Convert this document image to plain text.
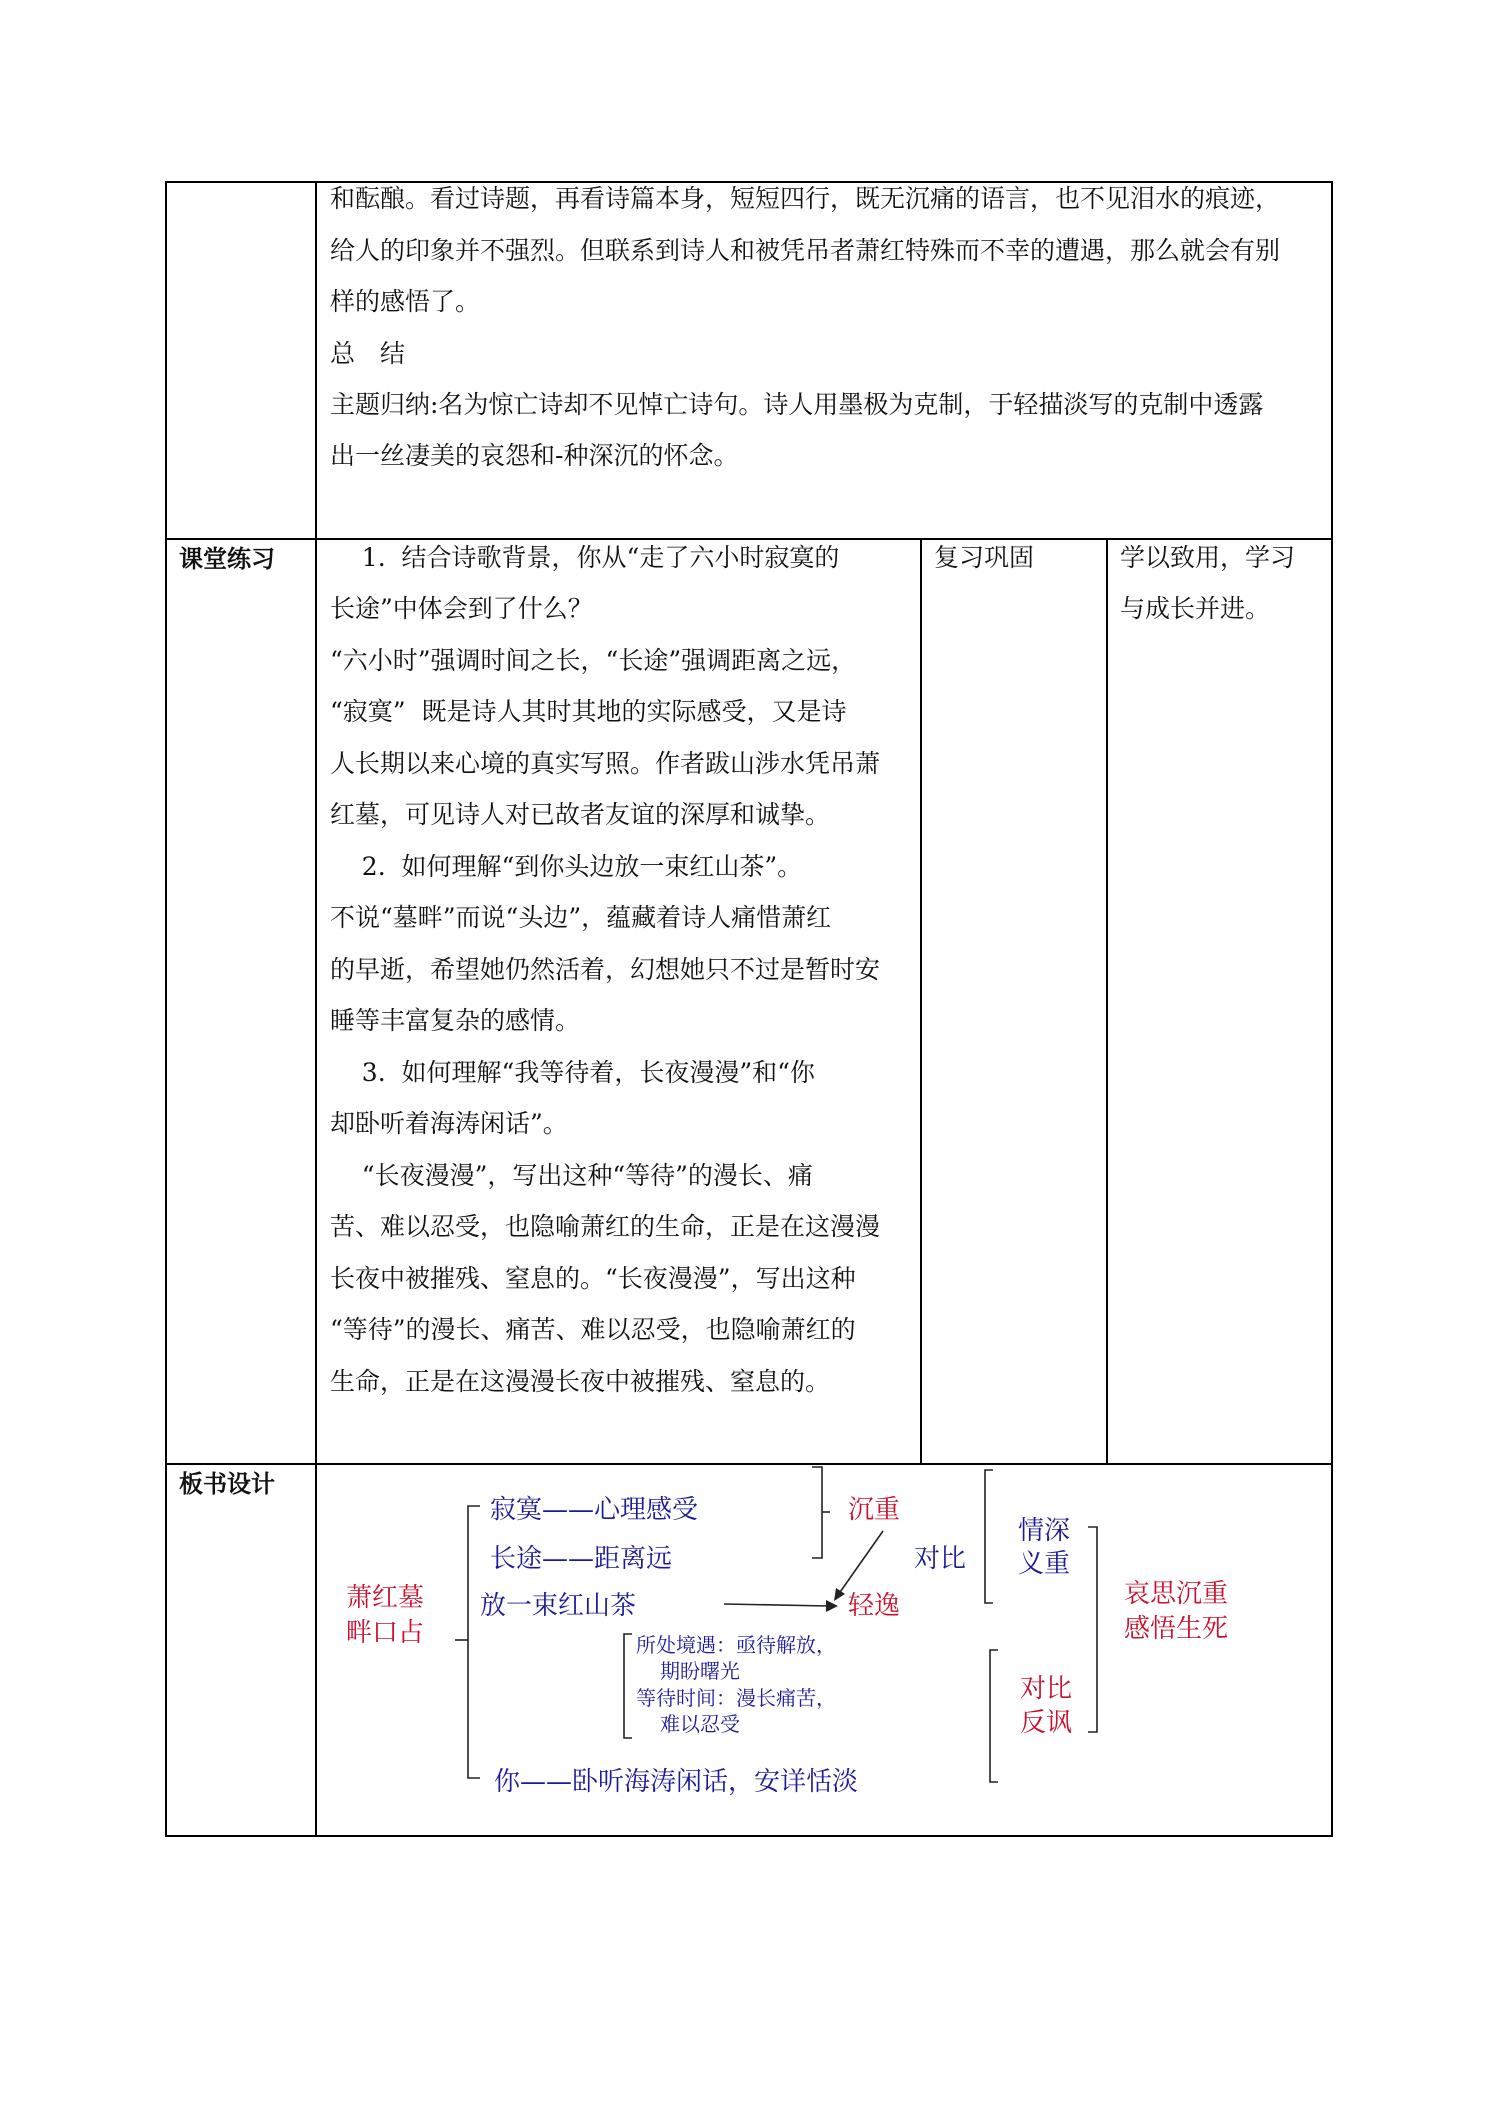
和酝酿。看过诗题，再看诗篇本身，短短四行，既无沉痛的语言，也不见泪水的痕迹，
给人的印象并不强烈。但联系到诗人和被凭吊者萧红特殊而不幸的遭遇，那么就会有别
样的感悟了。
总　结
主题归纳:名为惊亡诗却不见悼亡诗句。诗人用墨极为克制，于轻描淡写的克制中透露
出一丝凄美的哀怨和-种深沉的怀念。
课堂练习 1.  结合诗歌背景，你从“走了六小时寂寞的
长途”中体会到了什么？
“六小时”强调时间之长，“长途”强调距离之远，
“寂寞”  既是诗人其时其地的实际感受，又是诗
人长期以来心境的真实写照。作者跋山涉水凭吊萧
红墓，可见诗人对已故者友谊的深厚和诚挚。
2.  如何理解“到你头边放一束红山茶”。
不说“墓畔”而说“头边”，蕴藏着诗人痛惜萧红
的早逝，希望她仍然活着，幻想她只不过是暂时安
睡等丰富复杂的感情。
3.  如何理解“我等待着，长夜漫漫”和“你
却卧听着海涛闲话”。
“长夜漫漫”，写出这种“等待”的漫长、痛
苦、难以忍受，也隐喻萧红的生命，正是在这漫漫
长夜中被摧残、窒息的。“长夜漫漫”，写出这种
“等待”的漫长、痛苦、难以忍受，也隐喻萧红的
生命，正是在这漫漫长夜中被摧残、窒息的。
复习巩固	学以致用，学习
与成长并进。
板书设计
萧红墓
畔口占
寂寞——心理感受
长途——距离远
放一束红山茶
所处境遇：亟待解放，
期盼曙光
等待时间：漫长痛苦，
难以忍受
你——卧听海涛闲话，安详恬淡
沉重
轻逸
对比
情深
义重
对比
反讽
哀思沉重
感悟生死
